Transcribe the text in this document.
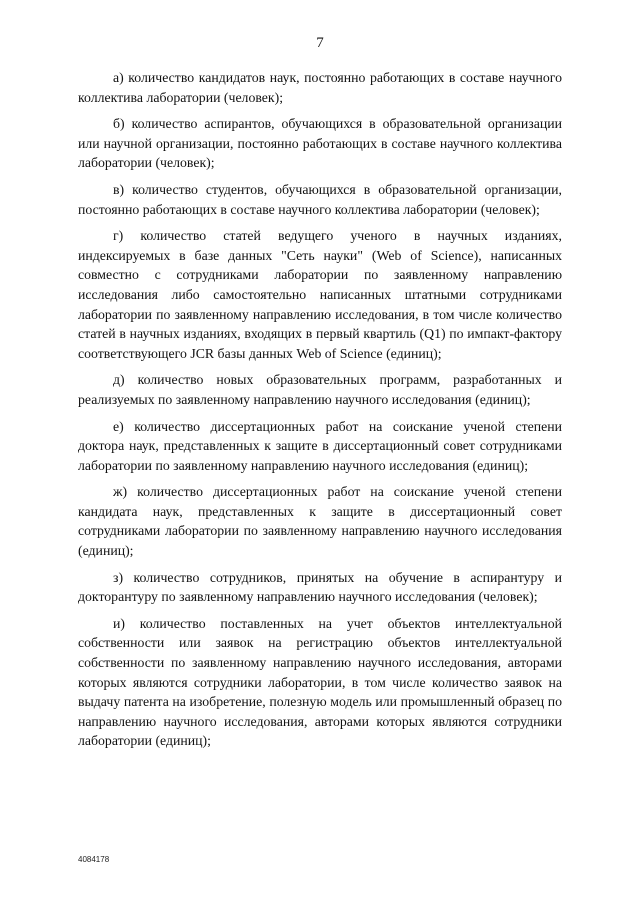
7

а) количество кандидатов наук, постоянно работающих в составе научного коллектива лаборатории (человек);

б) количество аспирантов, обучающихся в образовательной организации или научной организации, постоянно работающих в составе научного коллектива лаборатории (человек);

в) количество студентов, обучающихся в образовательной организации, постоянно работающих в составе научного коллектива лаборатории (человек);

г) количество статей ведущего ученого в научных изданиях, индексируемых в базе данных "Сеть науки" (Web of Science), написанных совместно с сотрудниками лаборатории по заявленному направлению исследования либо самостоятельно написанных штатными сотрудниками лаборатории по заявленному направлению исследования, в том числе количество статей в научных изданиях, входящих в первый квартиль (Q1) по импакт-фактору соответствующего JCR базы данных Web of Science (единиц);

д) количество новых образовательных программ, разработанных и реализуемых по заявленному направлению научного исследования (единиц);

е) количество диссертационных работ на соискание ученой степени доктора наук, представленных к защите в диссертационный совет сотрудниками лаборатории по заявленному направлению научного исследования (единиц);

ж) количество диссертационных работ на соискание ученой степени кандидата наук, представленных к защите в диссертационный совет сотрудниками лаборатории по заявленному направлению научного исследования (единиц);

з) количество сотрудников, принятых на обучение в аспирантуру и докторантуру по заявленному направлению научного исследования (человек);

и) количество поставленных на учет объектов интеллектуальной собственности или заявок на регистрацию объектов интеллектуальной собственности по заявленному направлению научного исследования, авторами которых являются сотрудники лаборатории, в том числе количество заявок на выдачу патента на изобретение, полезную модель или промышленный образец по направлению научного исследования, авторами которых являются сотрудники лаборатории (единиц);

4084178
